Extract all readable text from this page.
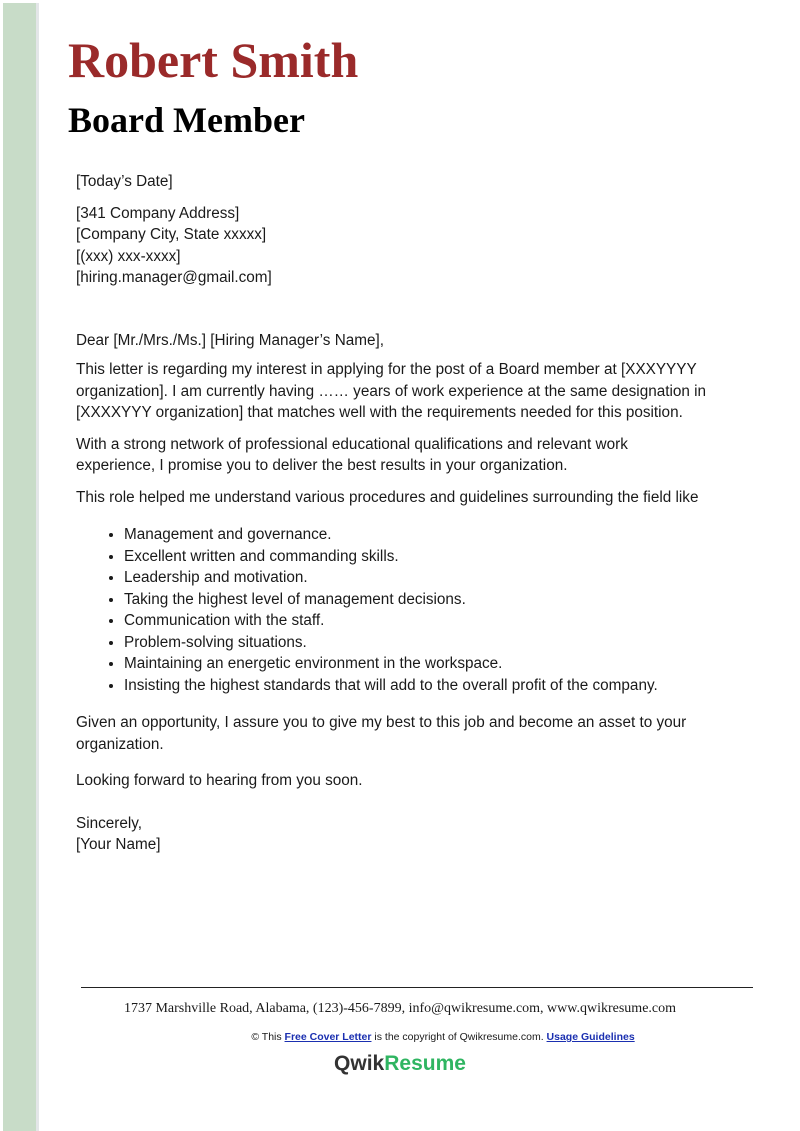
Robert Smith
Board Member

[Today’s Date]

[341 Company Address]

[Company City, State xxxxx]

[(xxx) xxx-xxxx]

[hiring.manager@gmail.com]

Dear [Mr./Mrs./Ms.] [Hiring Manager’s Name],

This letter is regarding my interest in applying for the post of a Board member at [XXXYYYY organization]. I am currently having …… years of work experience at the same designation in [XXXXYYY organization] that matches well with the requirements needed for this position.

With a strong network of professional educational qualifications and relevant work experience, I promise you to deliver the best results in your organization.

This role helped me understand various procedures and guidelines surrounding the field like

• Management and governance.
• Excellent written and commanding skills.
• Leadership and motivation.
• Taking the highest level of management decisions.
• Communication with the staff.
• Problem-solving situations.
• Maintaining an energetic environment in the workspace.
• Insisting the highest standards that will add to the overall profit of the company.

Given an opportunity, I assure you to give my best to this job and become an asset to your organization.

Looking forward to hearing from you soon.

Sincerely,

[Your Name]

1737 Marshville Road, Alabama, (123)-456-7899, info@qwikresume.com, www.qwikresume.com
© This Free Cover Letter is the copyright of Qwikresume.com. Usage Guidelines
QwikResume
